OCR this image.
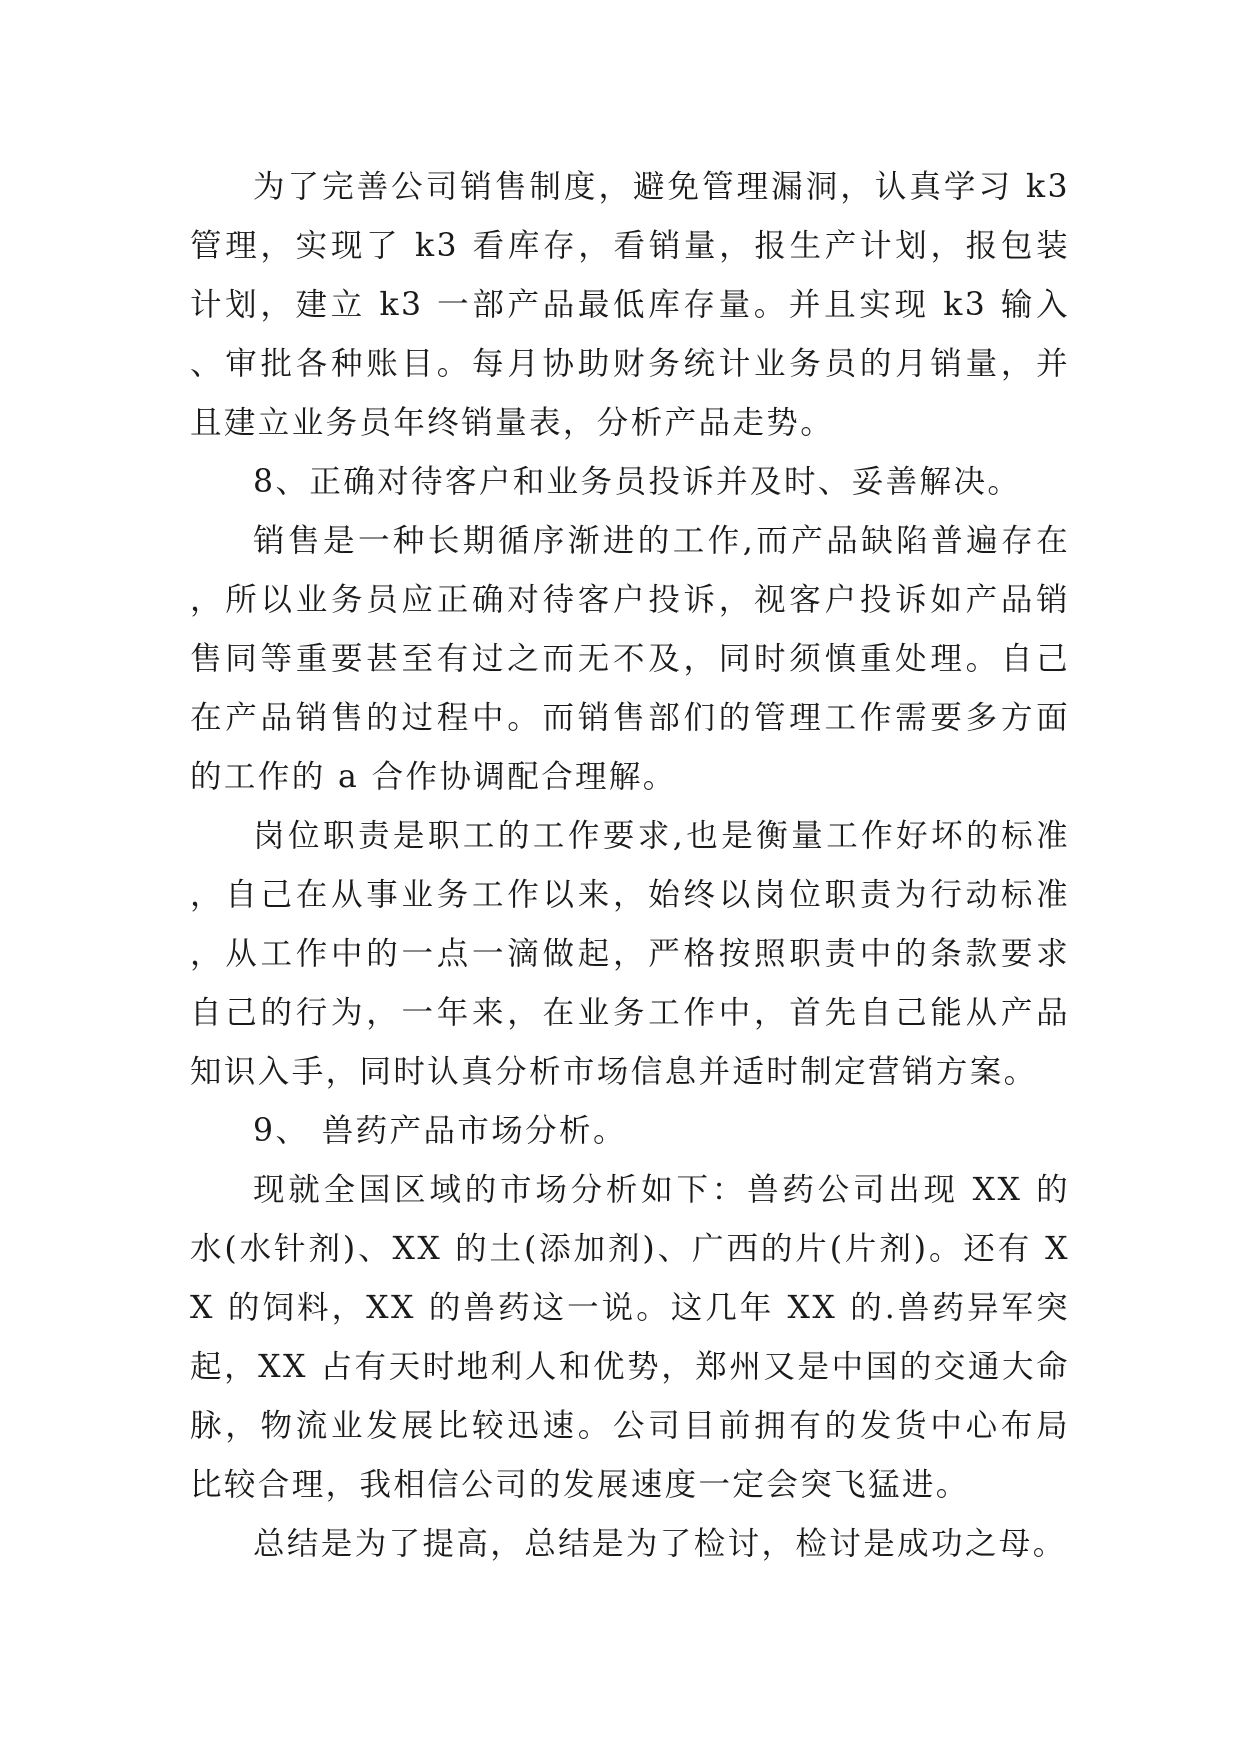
为了完善公司销售制度，避免管理漏洞，认真学习 k3 管理，实现了 k3 看库存，看销量，报生产计划，报包装计划，建立 k3 一部产品最低库存量。并且实现 k3 输入、审批各种账目。每月协助财务统计业务员的月销量，并且建立业务员年终销量表，分析产品走势。

8、正确对待客户和业务员投诉并及时、妥善解决。

销售是一种长期循序渐进的工作,而产品缺陷普遍存在，所以业务员应正确对待客户投诉，视客户投诉如产品销售同等重要甚至有过之而无不及，同时须慎重处理。自己在产品销售的过程中。而销售部们的管理工作需要多方面的工作的 a 合作协调配合理解。

岗位职责是职工的工作要求,也是衡量工作好坏的标准，自己在从事业务工作以来，始终以岗位职责为行动标准，从工作中的一点一滴做起，严格按照职责中的条款要求自己的行为，一年来，在业务工作中，首先自己能从产品知识入手，同时认真分析市场信息并适时制定营销方案。

9、 兽药产品市场分析。

现就全国区域的市场分析如下：兽药公司出现 XX 的水(水针剂)、XX 的土(添加剂)、广西的片(片剂)。还有 XX 的饲料，XX 的兽药这一说。这几年 XX 的.兽药异军突起，XX 占有天时地利人和优势，郑州又是中国的交通大命脉，物流业发展比较迅速。公司目前拥有的发货中心布局比较合理，我相信公司的发展速度一定会突飞猛进。

总结是为了提高，总结是为了检讨，检讨是成功之母。
